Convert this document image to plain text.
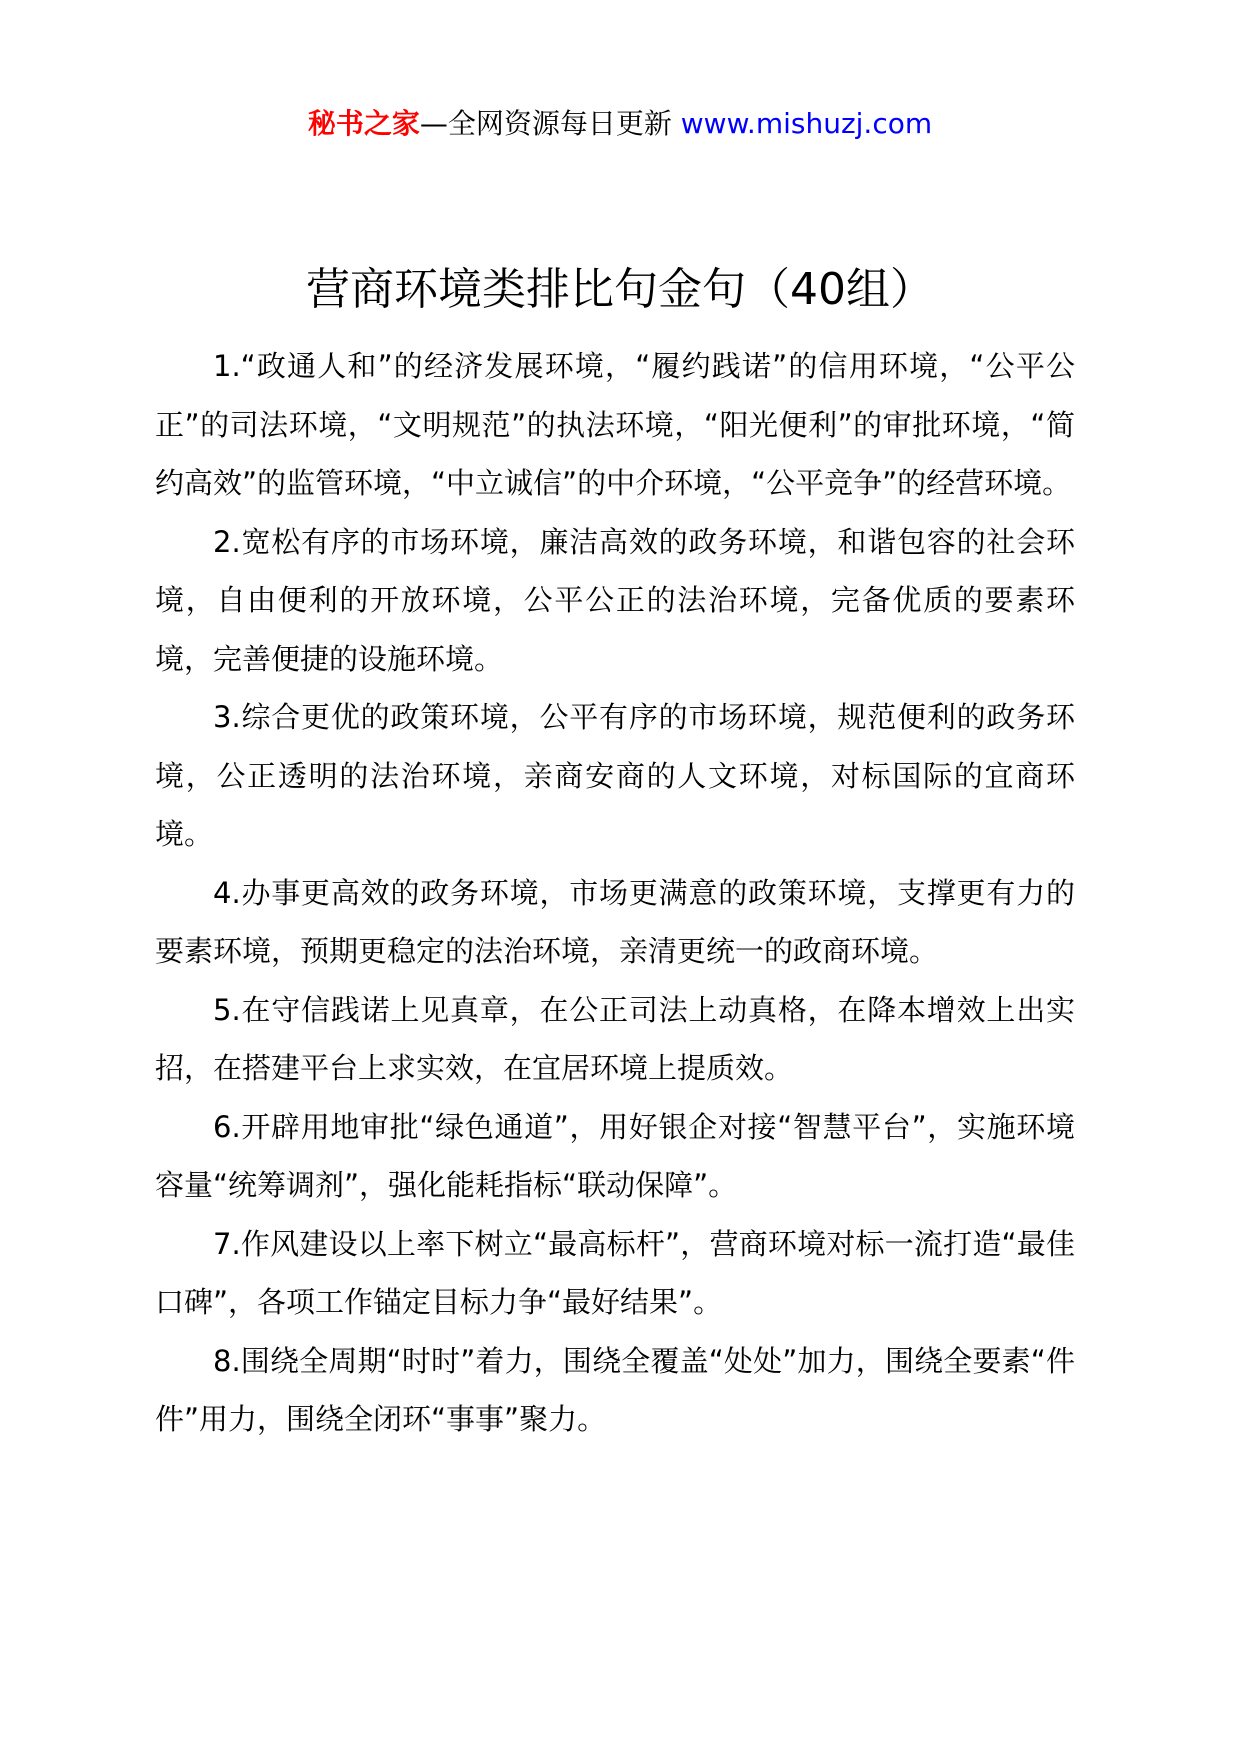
秘书之家—全网资源每日更新 www.mishuzj.com
营商环境类排比句金句（40组）

1.“政通人和”的经济发展环境，“履约践诺”的信用环境，“公平公正”的司法环境，“文明规范”的执法环境，“阳光便利”的审批环境，“简约高效”的监管环境，“中立诚信”的中介环境，“公平竞争”的经营环境。

2.宽松有序的市场环境，廉洁高效的政务环境，和谐包容的社会环境，自由便利的开放环境，公平公正的法治环境，完备优质的要素环境，完善便捷的设施环境。

3.综合更优的政策环境，公平有序的市场环境，规范便利的政务环境，公正透明的法治环境，亲商安商的人文环境，对标国际的宜商环境。

4.办事更高效的政务环境，市场更满意的政策环境，支撑更有力的要素环境，预期更稳定的法治环境，亲清更统一的政商环境。

5.在守信践诺上见真章，在公正司法上动真格，在降本增效上出实招，在搭建平台上求实效，在宜居环境上提质效。

6.开辟用地审批“绿色通道”，用好银企对接“智慧平台”，实施环境容量“统筹调剂”，强化能耗指标“联动保障”。

7.作风建设以上率下树立“最高标杆”，营商环境对标一流打造“最佳口碑”，各项工作锚定目标力争“最好结果”。

8.围绕全周期“时时”着力，围绕全覆盖“处处”加力，围绕全要素“件件”用力，围绕全闭环“事事”聚力。
